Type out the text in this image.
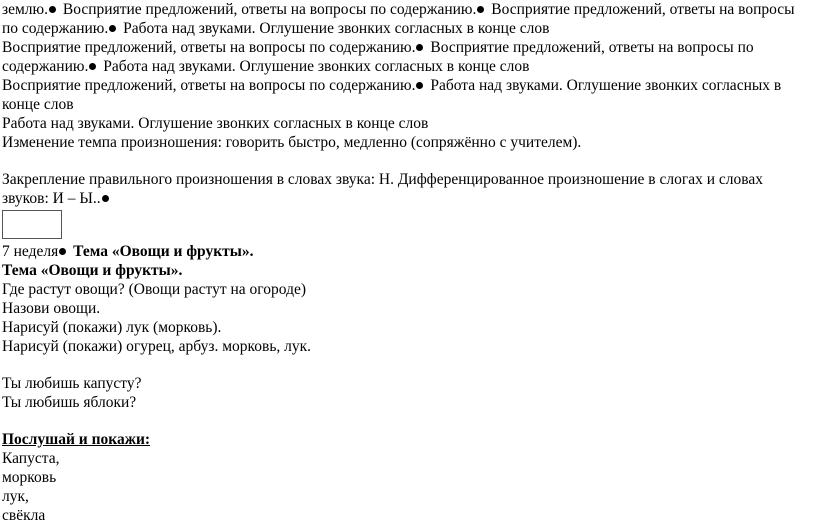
землю. Восприятие предложений, ответы на вопросы по содержанию. Восприятие предложений, ответы на вопросы
по содержанию. Работа над звуками. Оглушение звонких согласных в конце слов
Восприятие предложений, ответы на вопросы по содержанию. Восприятие предложений, ответы на вопросы по
содержанию. Работа над звуками. Оглушение звонких согласных в конце слов
Восприятие предложений, ответы на вопросы по содержанию. Работа над звуками. Оглушение звонких согласных в
конце слов
Работа над звуками. Оглушение звонких согласных в конце слов
Изменение темпа произношения: говорить быстро, медленно (сопряжённо с учителем).
Закрепление правильного произношения в словах звука: Н. Дифференцированное произношение в слогах и словах
звуков: И – Ы..
7 неделя Тема «Овощи и фрукты».
Тема «Овощи и фрукты».
Где растут овощи? (Овощи растут на огороде)
Назови овощи.
Нарисуй (покажи) лук (морковь).
Нарисуй (покажи) огурец, арбуз. морковь, лук.
Ты любишь капусту?
Ты любишь яблоки?
Послушай и покажи:
Капуста,
морковь
лук,
свёкла
